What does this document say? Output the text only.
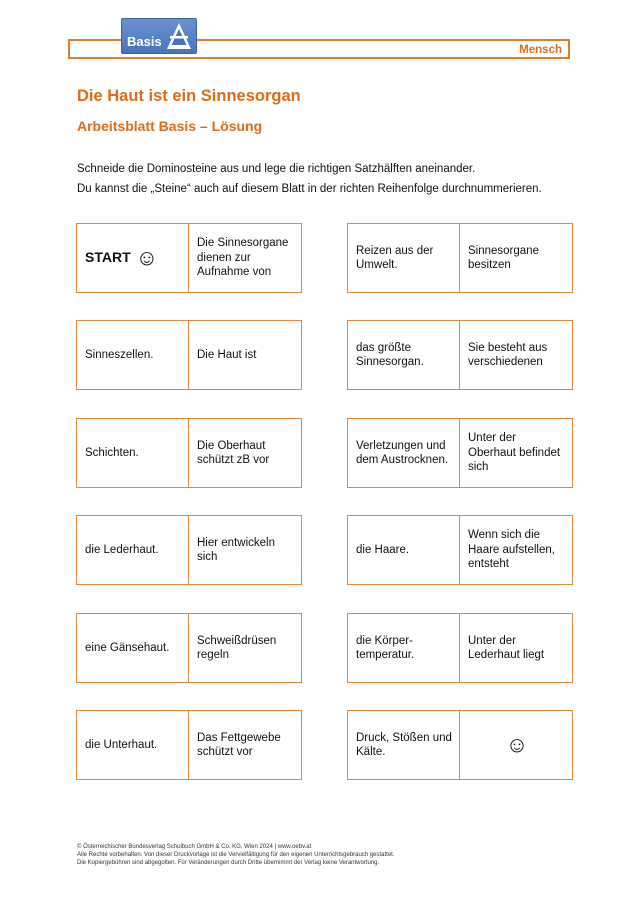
Mensch
Basis
Die Haut ist ein Sinnesorgan
Arbeitsblatt Basis – Lösung

Schneide die Dominosteine aus und lege die richtigen Satzhälften aneinander.

Du kannst die „Steine“ auch auf diesem Blatt in der richten Reihenfolge durchnummerieren.

START ☺
Die Sinnesorgane dienen zur Aufnahme von
Sinneszellen.	Die Haut ist
Schichten.
Die Oberhaut schützt zB vor
die Lederhaut.
Hier entwickeln sich
eine Gänsehaut.
Schweißdrüsen regeln
die Unterhaut.
Das Fettgewebe schützt vor
Reizen aus der Umwelt.
Sinnesorgane besitzen
das größte Sinnesorgan.
Sie besteht aus verschiedenen
Verletzungen und dem Austrocknen.
Unter der Oberhaut befindet sich
die Haare.
Wenn sich die Haare aufstellen, entsteht
die Körper-temperatur.
Unter der Lederhaut liegt
Druck, Stößen und Kälte.	☺
© Österreichischer Bundesverlag Schulbuch GmbH & Co. KG, Wien 2024 | www.oebv.at
Alle Rechte vorbehalten. Von dieser Druckvorlage ist die Vervielfältigung für den eigenen Unterrichtsgebrauch gestattet.
Die Kopiergebühren sind abgegolten. Für Veränderungen durch Dritte übernimmt der Verlag keine Verantwortung.
